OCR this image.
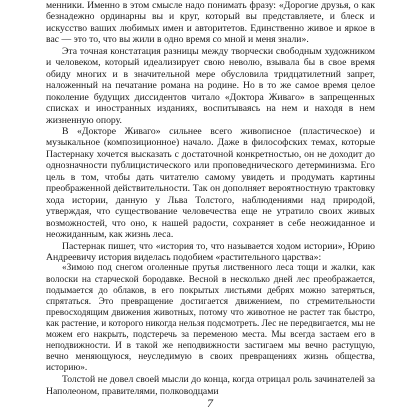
менники. Именно в этом смысле надо понимать фразу: «Дорогие друзья, о как безнадежно ординарны вы и круг, который вы представляете, и блеск и искусство ваших любимых имен и авторитетов. Единственно живое и яркое в вас — это то, что вы жили в одно время со мной и меня знали».

Эта точная констатация разницы между творчески свободным художником и человеком, который идеализирует свою неволю, взывала бы в свое время обиду многих и в значительной мере обусловила тридцатилетний запрет, наложенный на печатание романа на родине. Но в то же самое время целое поколение будущих диссидентов читало «Доктора Живаго» в запрещенных списках и иностранных изданиях, воспитываясь на нем и находя в нем жизненную опору.

В «Докторе Живаго» сильнее всего живописное (пластическое) и музыкальное (композиционное) начало. Даже в философских темах, которые Пастернаку хочется высказать с достаточной конкретностью, он не доходит до однозначности публицистического или проповеднического детерминизма. Его цель в том, чтобы дать читателю самому увидеть и продумать картины преображенной действительности. Так он дополняет вероятностную трактовку хода истории, данную у Льва Толстого, наблюдениями над природой, утверждая, что существование человечества еще не утратило своих живых возможностей, что оно, к нашей радости, сохраняет в себе неожиданное и неожиданным, как жизнь леса.

Пастернак пишет, что «история то, что называется ходом истории», Юрию Андреевичу история виделась подобием «растительного царства»:

«Зимою под снегом оголенные прутья лиственного леса тощи и жалки, как волоски на старческой бородавке. Весной в несколько дней лес преображается, подымается до облаков, в его покрытых листьями дебрях можно затеряться, спрятаться. Это превращение достигается движением, по стремительности превосходящим движения животных, потому что животное не растет так быстро, как растение, и которого никогда нельзя подсмотреть. Лес не передвигается, мы не можем его накрыть, подстеречь за переменою места. Мы всегда застаем его в неподвижности. И в такой же неподвижности застигаем мы вечно растущую, вечно меняющуюся, неуследимую в своих превращениях жизнь общества, историю».

Толстой не довел своей мысли до конца, когда отрицал роль зачинателей за Наполеоном, правителями, полководцами

7
